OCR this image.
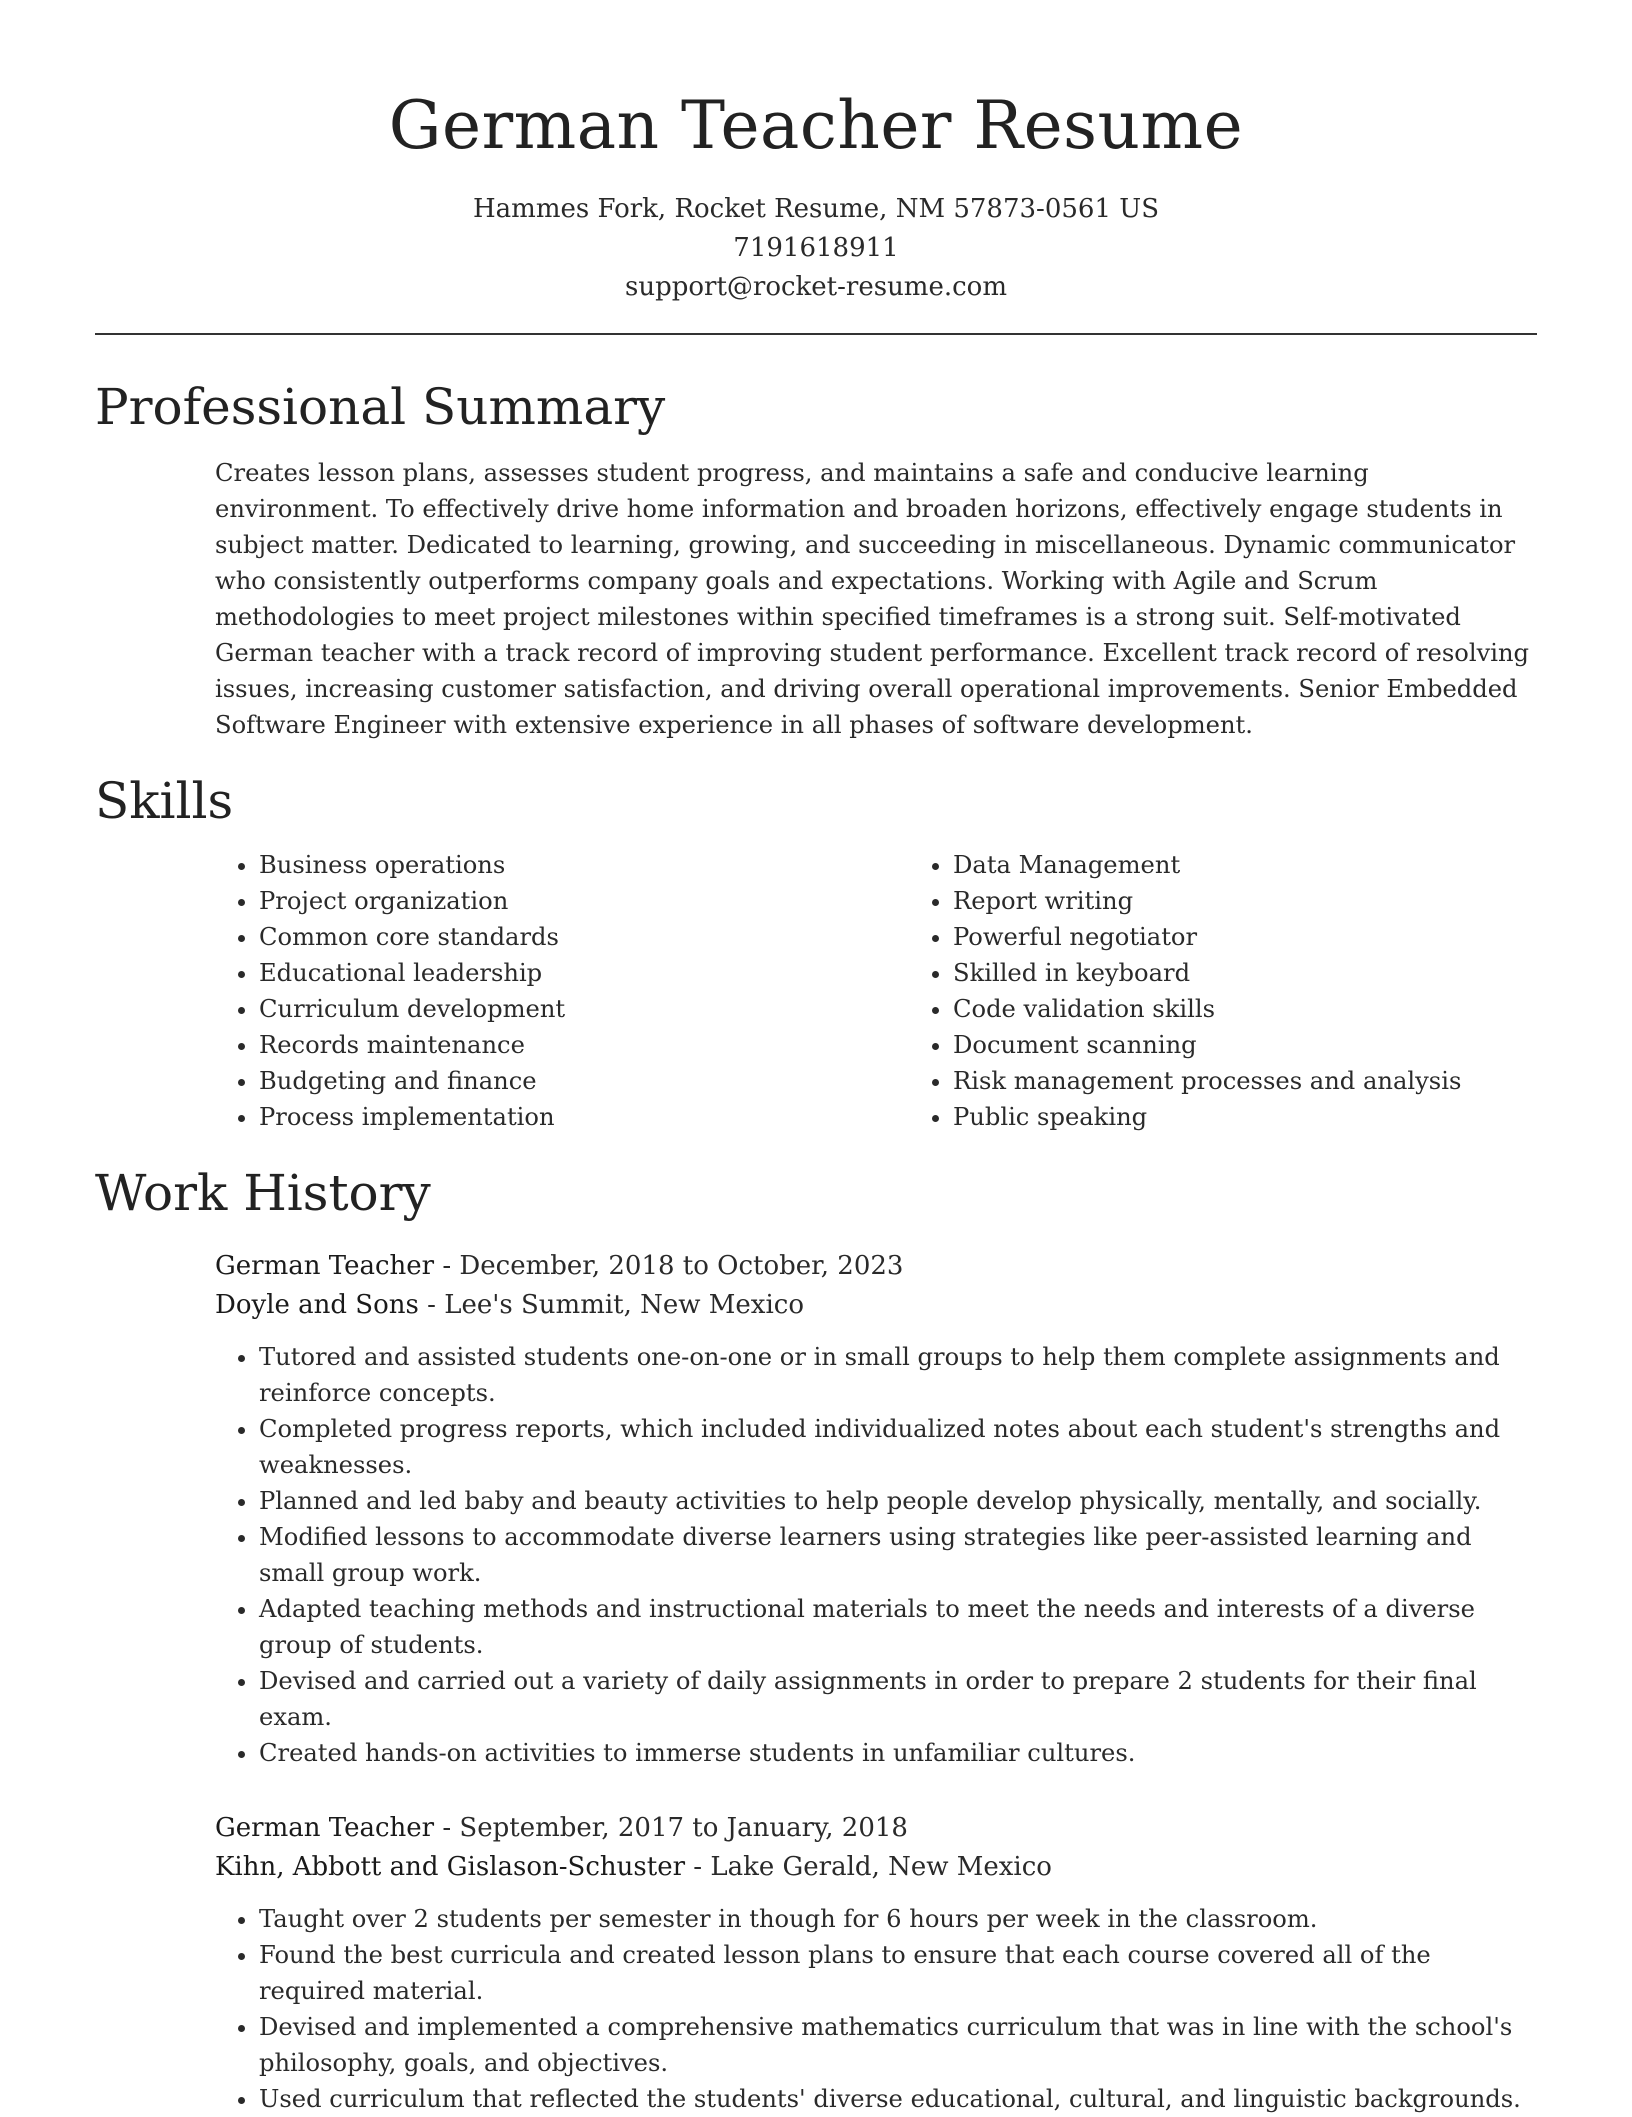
German Teacher Resume
Hammes Fork, Rocket Resume, NM 57873-0561 US
7191618911
support@rocket-resume.com
Professional Summary

Creates lesson plans, assesses student progress, and maintains a safe and conducive learning environment. To effectively drive home information and broaden horizons, effectively engage students in subject matter. Dedicated to learning, growing, and succeeding in miscellaneous. Dynamic communicator who consistently outperforms company goals and expectations. Working with Agile and Scrum methodologies to meet project milestones within specified timeframes is a strong suit. Self-motivated German teacher with a track record of improving student performance. Excellent track record of resolving issues, increasing customer satisfaction, and driving overall operational improvements. Senior Embedded Software Engineer with extensive experience in all phases of software development.

Skills
• Business operations
• Project organization
• Common core standards
• Educational leadership
• Curriculum development
• Records maintenance
• Budgeting and finance
• Process implementation
• Data Management
• Report writing
• Powerful negotiator
• Skilled in keyboard
• Code validation skills
• Document scanning
• Risk management processes and analysis
• Public speaking
Work History
German Teacher - December, 2018 to October, 2023
Doyle and Sons - Lee's Summit, New Mexico
• Tutored and assisted students one-on-one or in small groups to help them complete assignments and reinforce concepts.
• Completed progress reports, which included individualized notes about each student's strengths and weaknesses.
• Planned and led baby and beauty activities to help people develop physically, mentally, and socially.
• Modified lessons to accommodate diverse learners using strategies like peer-assisted learning and small group work.
• Adapted teaching methods and instructional materials to meet the needs and interests of a diverse group of students.
• Devised and carried out a variety of daily assignments in order to prepare 2 students for their final exam.
• Created hands-on activities to immerse students in unfamiliar cultures.
German Teacher - September, 2017 to January, 2018
Kihn, Abbott and Gislason-Schuster - Lake Gerald, New Mexico
• Taught over 2 students per semester in though for 6 hours per week in the classroom.
• Found the best curricula and created lesson plans to ensure that each course covered all of the required material.
• Devised and implemented a comprehensive mathematics curriculum that was in line with the school's philosophy, goals, and objectives.
• Used curriculum that reflected the students' diverse educational, cultural, and linguistic backgrounds.
